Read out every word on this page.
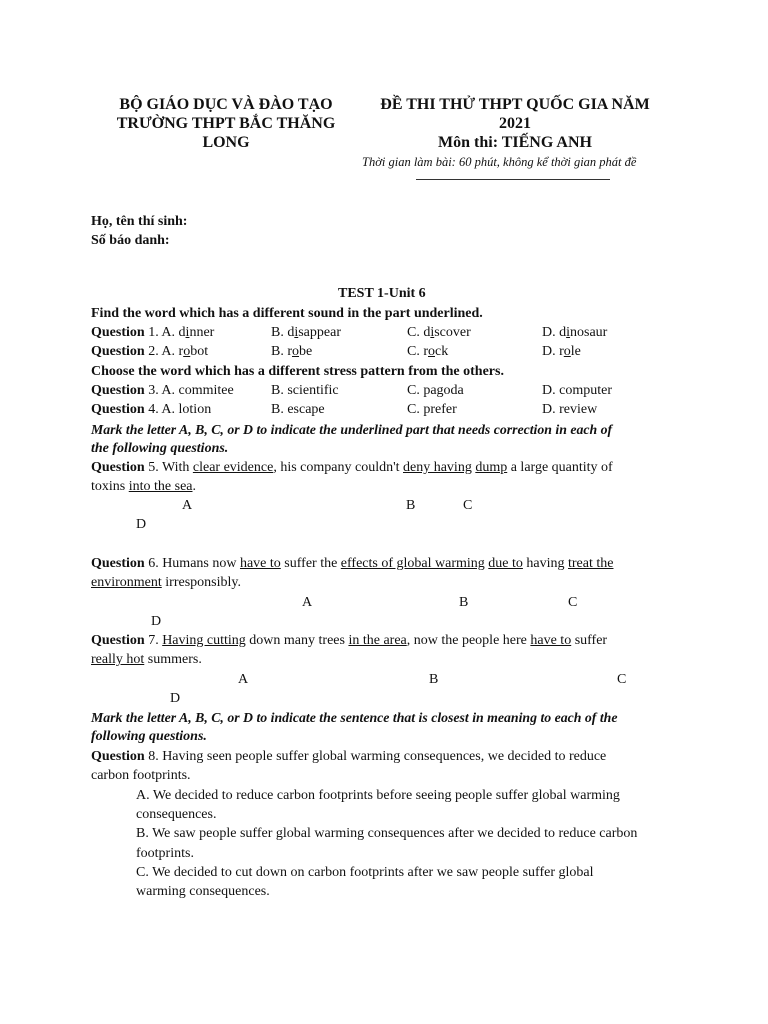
BỘ GIÁO DỤC VÀ ĐÀO TẠO
TRƯỜNG THPT BẮC THĂNG
LONG
ĐỀ THI THỬ THPT QUỐC GIA NĂM
2021
Môn thi: TIẾNG ANH
Thời gian làm bài: 60 phút, không kể thời gian phát đề
Họ, tên thí sinh:
Số báo danh:
TEST 1-Unit 6
Find the word which has a different sound in the part underlined.
Question 1. A. dinner	B. disappear	C. discover	D. dinosaur
Question 2. A. robot	B. robe	C. rock	D. role
Choose the word which has a different stress pattern from the others.
Question 3. A. commitee	B. scientific	C. pagoda	D. computer
Question 4. A. lotion	B. escape	C. prefer	D. review
Mark the letter A, B, C, or D to indicate the underlined part that needs correction in each of
the following questions.
Question 5. With clear evidence, his company couldn't deny having dump a large quantity of
toxins into the sea.
A	B	C
D
Question 6. Humans now have to suffer the effects of global warming due to having treat the
environment irresponsibly.
A	B	C
D
Question 7. Having cutting down many trees in the area, now the people here have to suffer
really hot summers.
A	B	C
D
Mark the letter A, B, C, or D to indicate the sentence that is closest in meaning to each of the
following questions.
Question 8. Having seen people suffer global warming consequences, we decided to reduce
carbon footprints.
A. We decided to reduce carbon footprints before seeing people suffer global warming
consequences.
B. We saw people suffer global warming consequences after we decided to reduce carbon
footprints.
C. We decided to cut down on carbon footprints after we saw people suffer global
warming consequences.
